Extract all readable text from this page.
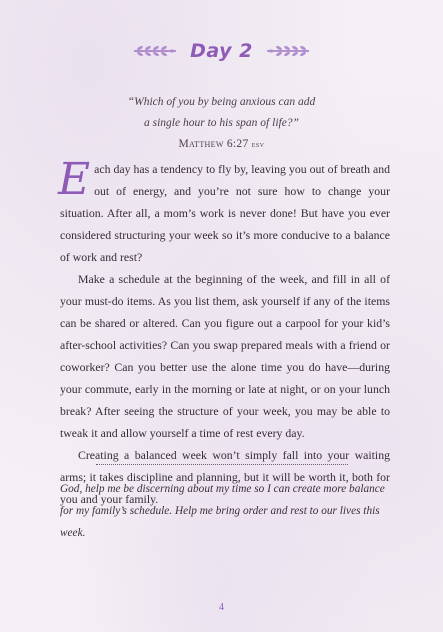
Day 2
“Which of you by being anxious can add
a single hour to his span of life?”
Matthew 6:27 esv

Each day has a tendency to fly by, leaving you out of breath and out of energy, and you’re not sure how to change your situation. After all, a mom’s work is never done! But have you ever considered structuring your week so it’s more conducive to a balance of work and rest?

Make a schedule at the beginning of the week, and fill in all of your must-do items. As you list them, ask yourself if any of the items can be shared or altered. Can you figure out a carpool for your kid’s after-school activities? Can you swap prepared meals with a friend or coworker? Can you better use the alone time you do have—during your commute, early in the morning or late at night, or on your lunch break? After seeing the structure of your week, you may be able to tweak it and allow yourself a time of rest every day.

Creating a balanced week won’t simply fall into your waiting arms; it takes discipline and planning, but it will be worth it, both for you and your family.

God, help me be discerning about my time so I can create more balance for my family’s schedule. Help me bring order and rest to our lives this week.
4
